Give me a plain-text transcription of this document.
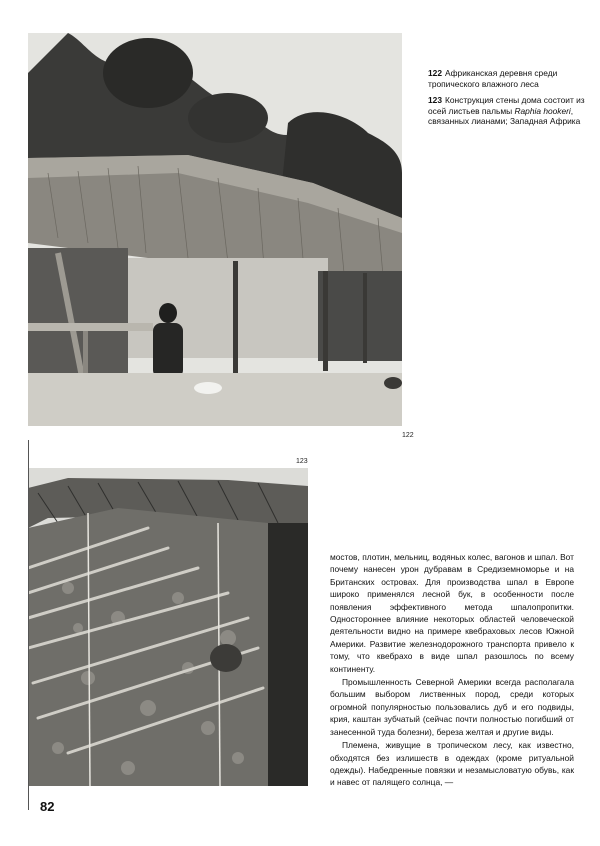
122
123

122 Африканская деревня среди тропического влажного леса

123 Конструкция стены дома состоит из осей листьев пальмы Raphia hookeri, связанных лианами; Западная Африка

мостов, плотин, мельниц, водяных колес, вагонов и шпал. Вот почему нанесен урон дубравам в Средиземноморье и на Британских островах. Для производства шпал в Европе широко применялся лесной бук, в особенности после появления эффективного метода шпалопропитки. Одностороннее влияние некоторых областей человеческой деятельности видно на примере квебраховых лесов Южной Америки. Развитие железнодорожного транспорта привело к тому, что квебрахо в виде шпал разошлось по всему континенту.

Промышленность Северной Америки всегда располагала большим выбором лиственных пород, среди которых огромной популярностью пользовались дуб и его подвиды, крия, каштан зубчатый (сейчас почти полностью погибший от занесенной туда болезни), береза желтая и другие виды.

Племена, живущие в тропическом лесу, как известно, обходятся без излишеств в одеждах (кроме ритуальной одежды). Набедренные повязки и незамысловатую обувь, как и навес от палящего солнца, —

82
